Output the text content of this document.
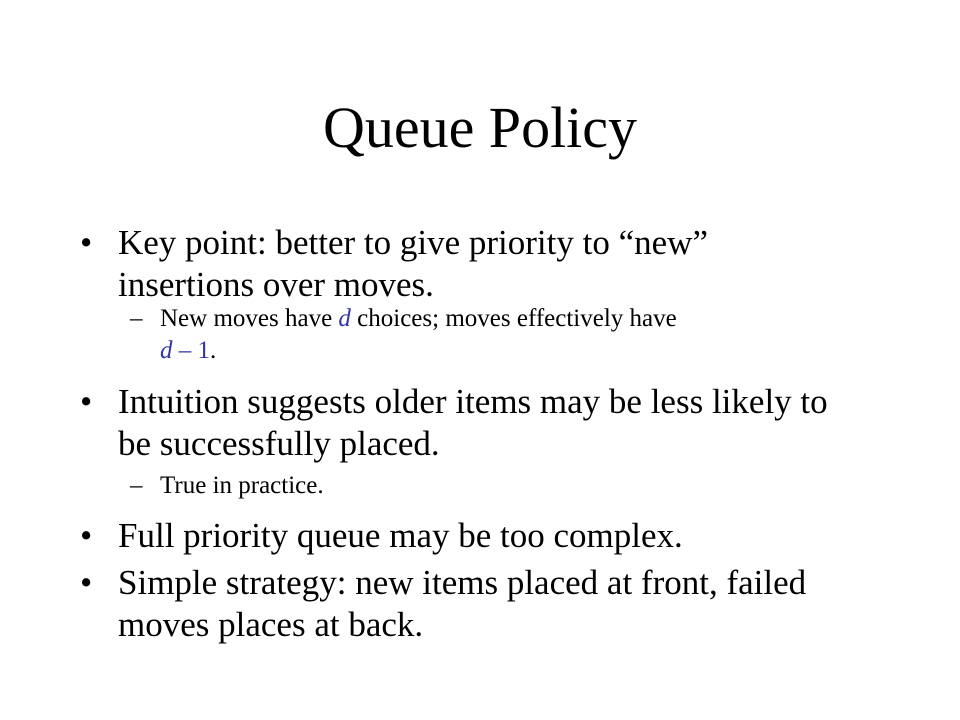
Queue Policy
• Key point: better to give priority to “new”
insertions over moves.
– New moves have d choices; moves effectively have
d – 1.
• Intuition suggests older items may be less likely to
be successfully placed.
– True in practice.
• Full priority queue may be too complex.
• Simple strategy: new items placed at front, failed
moves places at back.
